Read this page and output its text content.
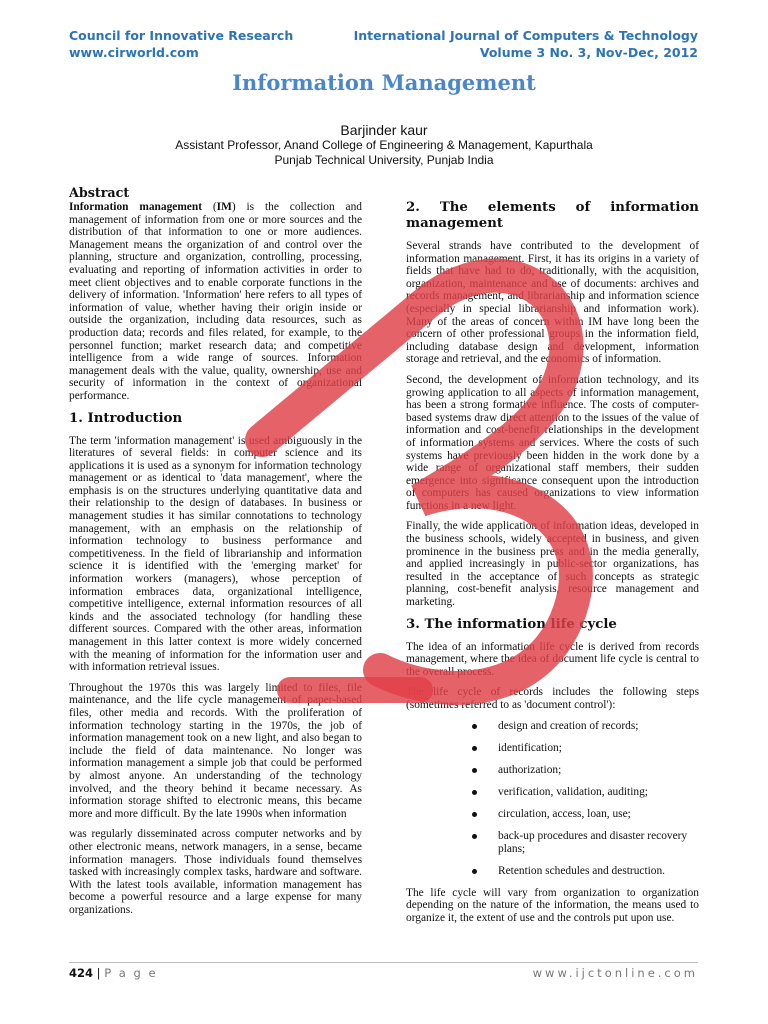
Council for Innovative Research
www.cirworld.com
International Journal of Computers & Technology
Volume 3 No. 3, Nov-Dec, 2012
Information Management
Barjinder kaur
Assistant Professor, Anand College of Engineering & Management, Kapurthala
Punjab Technical University, Punjab India
Abstract

Information management (IM) is the collection and management of information from one or more sources and the distribution of that information to one or more audiences. Management means the organization of and control over the planning, structure and organization, controlling, processing, evaluating and reporting of information activities in order to meet client objectives and to enable corporate functions in the delivery of information. 'Information' here refers to all types of information of value, whether having their origin inside or outside the organization, including data resources, such as production data; records and files related, for example, to the personnel function; market research data; and competitive intelligence from a wide range of sources. Information management deals with the value, quality, ownership, use and security of information in the context of organizational performance.

1. Introduction

The term 'information management' is used ambiguously in the literatures of several fields: in computer science and its applications it is used as a synonym for information technology management or as identical to 'data management', where the emphasis is on the structures underlying quantitative data and their relationship to the design of databases. In business or management studies it has similar connotations to technology management, with an emphasis on the relationship of information technology to business performance and competitiveness. In the field of librarianship and information science it is identified with the 'emerging market' for information workers (managers), whose perception of information embraces data, organizational intelligence, competitive intelligence, external information resources of all kinds and the associated technology (for handling these different sources. Compared with the other areas, information management in this latter context is more widely concerned with the meaning of information for the information user and with information retrieval issues.

Throughout the 1970s this was largely limited to files, file maintenance, and the life cycle management of paper-based files, other media and records. With the proliferation of information technology starting in the 1970s, the job of information management took on a new light, and also began to include the field of data maintenance. No longer was information management a simple job that could be performed by almost anyone. An understanding of the technology involved, and the theory behind it became necessary. As information storage shifted to electronic means, this became more and more difficult. By the late 1990s when information

was regularly disseminated across computer networks and by other electronic means, network managers, in a sense, became information managers. Those individuals found themselves tasked with increasingly complex tasks, hardware and software. With the latest tools available, information management has become a powerful resource and a large expense for many organizations.

2. The elements of information
management

Several strands have contributed to the development of information management. First, it has its origins in a variety of fields that have had to do, traditionally, with the acquisition, organization, maintenance and use of documents: archives and records management, and librarianship and information science (especially in special librarianship and information work). Many of the areas of concern within IM have long been the concern of other professional groups in the information field, including database design and development, information storage and retrieval, and the economics of information.

Second, the development of information technology, and its growing application to all aspects of information management, has been a strong formative influence. The costs of computer-based systems draw direct attention to the issues of the value of information and cost-benefit relationships in the development of information systems and services. Where the costs of such systems have previously been hidden in the work done by a wide range of organizational staff members, their sudden emergence into significance consequent upon the introduction of computers has caused organizations to view information functions in a new light.

Finally, the wide application of information ideas, developed in the business schools, widely accepted in business, and given prominence in the business press and in the media generally, and applied increasingly in public-sector organizations, has resulted in the acceptance of such concepts as strategic planning, cost-benefit analysis, resource management and marketing.

3. The information life cycle

The idea of an information life cycle is derived from records management, where the idea of document life cycle is central to the overall process.

The life cycle of records includes the following steps (sometimes referred to as 'document control'):

design and creation of records;
identification;
authorization;
verification, validation, auditing;
circulation, access, loan, use;
back-up procedures and disaster recovery plans;
Retention schedules and destruction.

The life cycle will vary from organization to organization depending on the nature of the information, the means used to organize it, the extent of use and the controls put upon use.

424 | P a g e	www.ijctonline.com
